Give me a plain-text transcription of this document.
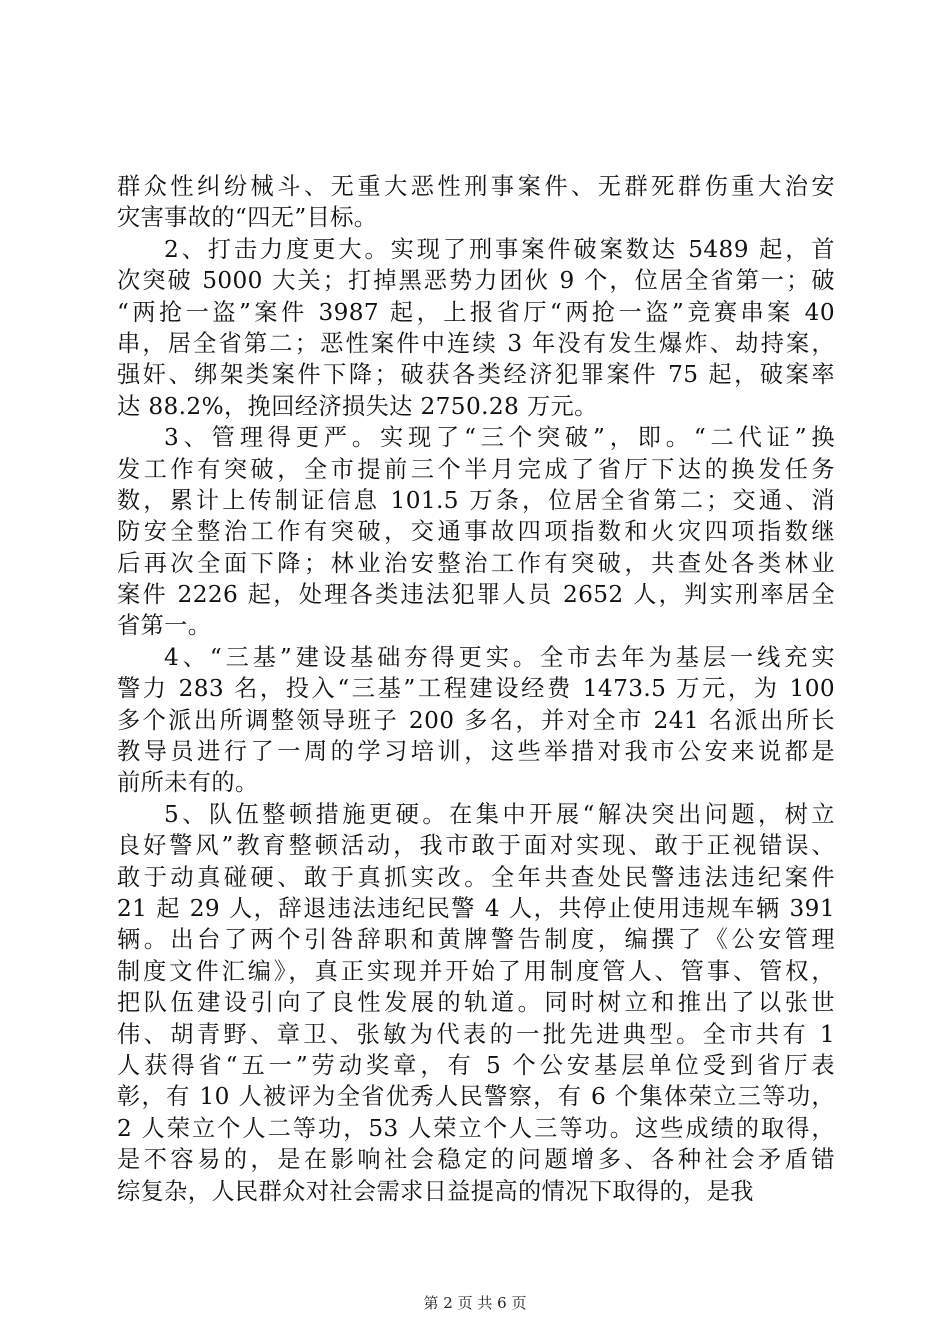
群众性纠纷械斗、无重大恶性刑事案件、无群死群伤重大治安
灾害事故的“四无”目标。
2、打击力度更大。实现了刑事案件破案数达 5489 起，首
次突破 5000 大关；打掉黑恶势力团伙 9 个，位居全省第一；破
“两抢一盗”案件 3987 起，上报省厅“两抢一盗”竞赛串案 40
串，居全省第二；恶性案件中连续 3 年没有发生爆炸、劫持案，
强奸、绑架类案件下降；破获各类经济犯罪案件 75 起，破案率
达 88.2%，挽回经济损失达 2750.28 万元。
3、管理得更严。实现了“三个突破”，即。“二代证”换
发工作有突破，全市提前三个半月完成了省厅下达的换发任务
数，累计上传制证信息 101.5 万条，位居全省第二；交通、消
防安全整治工作有突破，交通事故四项指数和火灾四项指数继
后再次全面下降；林业治安整治工作有突破，共查处各类林业
案件 2226 起，处理各类违法犯罪人员 2652 人，判实刑率居全
省第一。
4、“三基”建设基础夯得更实。全市去年为基层一线充实
警力 283 名，投入“三基”工程建设经费 1473.5 万元，为 100
多个派出所调整领导班子 200 多名，并对全市 241 名派出所长
教导员进行了一周的学习培训，这些举措对我市公安来说都是
前所未有的。
5、队伍整顿措施更硬。在集中开展“解决突出问题，树立
良好警风”教育整顿活动，我市敢于面对实现、敢于正视错误、
敢于动真碰硬、敢于真抓实改。全年共查处民警违法违纪案件
21 起 29 人，辞退违法违纪民警 4 人，共停止使用违规车辆 391
辆。出台了两个引咎辞职和黄牌警告制度，编撰了《公安管理
制度文件汇编》，真正实现并开始了用制度管人、管事、管权，
把队伍建设引向了良性发展的轨道。同时树立和推出了以张世
伟、胡青野、章卫、张敏为代表的一批先进典型。全市共有 1
人获得省“五一”劳动奖章，有 5 个公安基层单位受到省厅表
彰，有 10 人被评为全省优秀人民警察，有 6 个集体荣立三等功，
2 人荣立个人二等功，53 人荣立个人三等功。这些成绩的取得，
是不容易的，是在影响社会稳定的问题增多、各种社会矛盾错
综复杂，人民群众对社会需求日益提高的情况下取得的，是我
第 2 页 共 6 页
